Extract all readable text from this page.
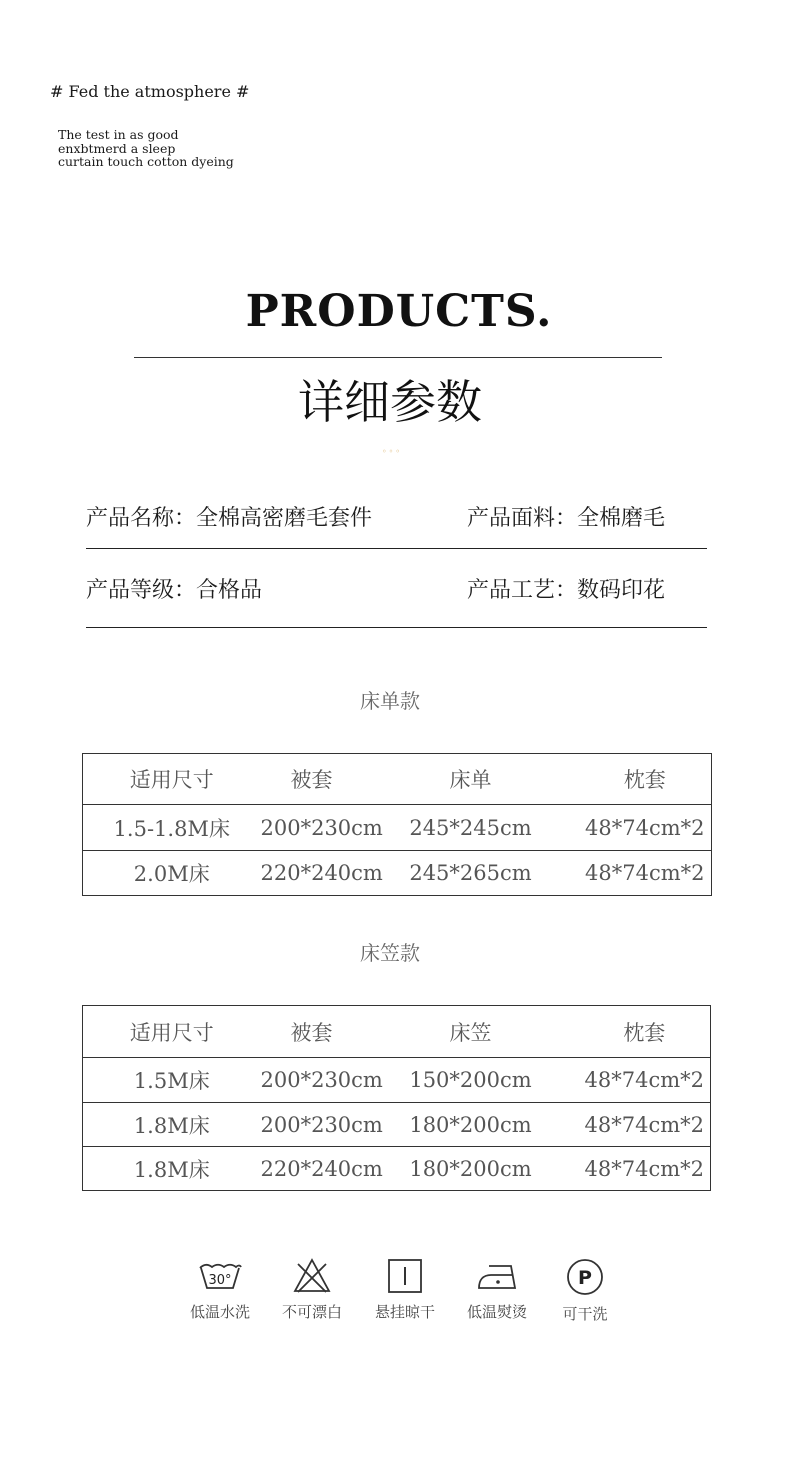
# Fed the atmosphere #
The test in as good
enxbtmerd a sleep
curtain touch cotton dyeing
PRODUCTS.
详细参数
◦◦◦
产品名称：全棉高密磨毛套件	产品面料：全棉磨毛
产品等级：合格品	产品工艺：数码印花
床单款
适用尺寸	被套	床单	枕套
1.5-1.8M床	200*230cm	245*245cm	48*74cm*2
2.0M床	220*240cm	245*265cm	48*74cm*2
床笠款
适用尺寸	被套	床笠	枕套
1.5M床	200*230cm	150*200cm	48*74cm*2
1.8M床	200*230cm	180*200cm	48*74cm*2
1.8M床	220*240cm	180*200cm	48*74cm*2
30°
低温水洗	不可漂白	悬挂晾干	低温熨烫
P
可干洗
